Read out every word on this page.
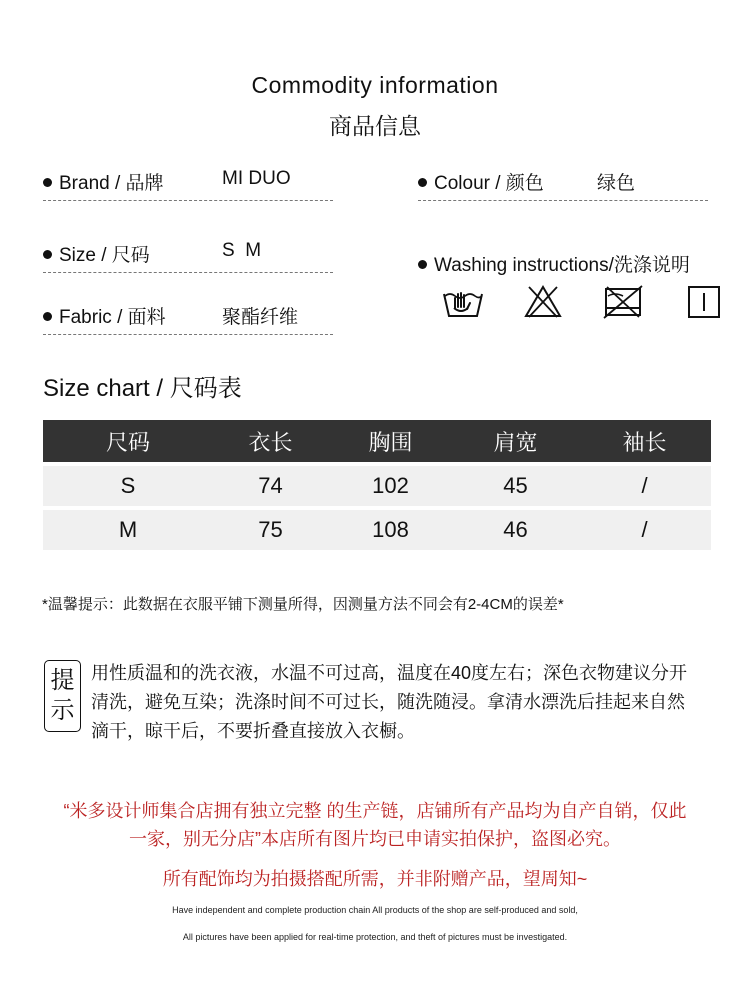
Commodity information
商品信息
Brand / 品牌	MI DUO	Colour / 颜色	绿色
Size / 尺码	S  M
Fabric / 面料	聚酯纤维
Washing instructions/洗涤说明
Size chart / 尺码表
尺码	衣长	胸围	肩宽	袖长
S	74	102	45	/
M	75	108	46	/
*温馨提示：此数据在衣服平铺下测量所得，因测量方法不同会有2-4CM的误差*
提
示
用性质温和的洗衣液，水温不可过高，温度在40度左右；深色衣物建议分开清洗，避免互染；洗涤时间不可过长，随洗随浸。拿清水漂洗后挂起来自然滴干，晾干后，不要折叠直接放入衣橱。
“米多设计师集合店拥有独立完整 的生产链，店铺所有产品均为自产自销，仅此
一家，别无分店”本店所有图片均已申请实拍保护，盗图必究。
所有配饰均为拍摄搭配所需，并非附赠产品，望周知~
Have independent and complete production chain All products of the shop are self-produced and sold,
All pictures have been applied for real-time protection, and theft of pictures must be investigated.
